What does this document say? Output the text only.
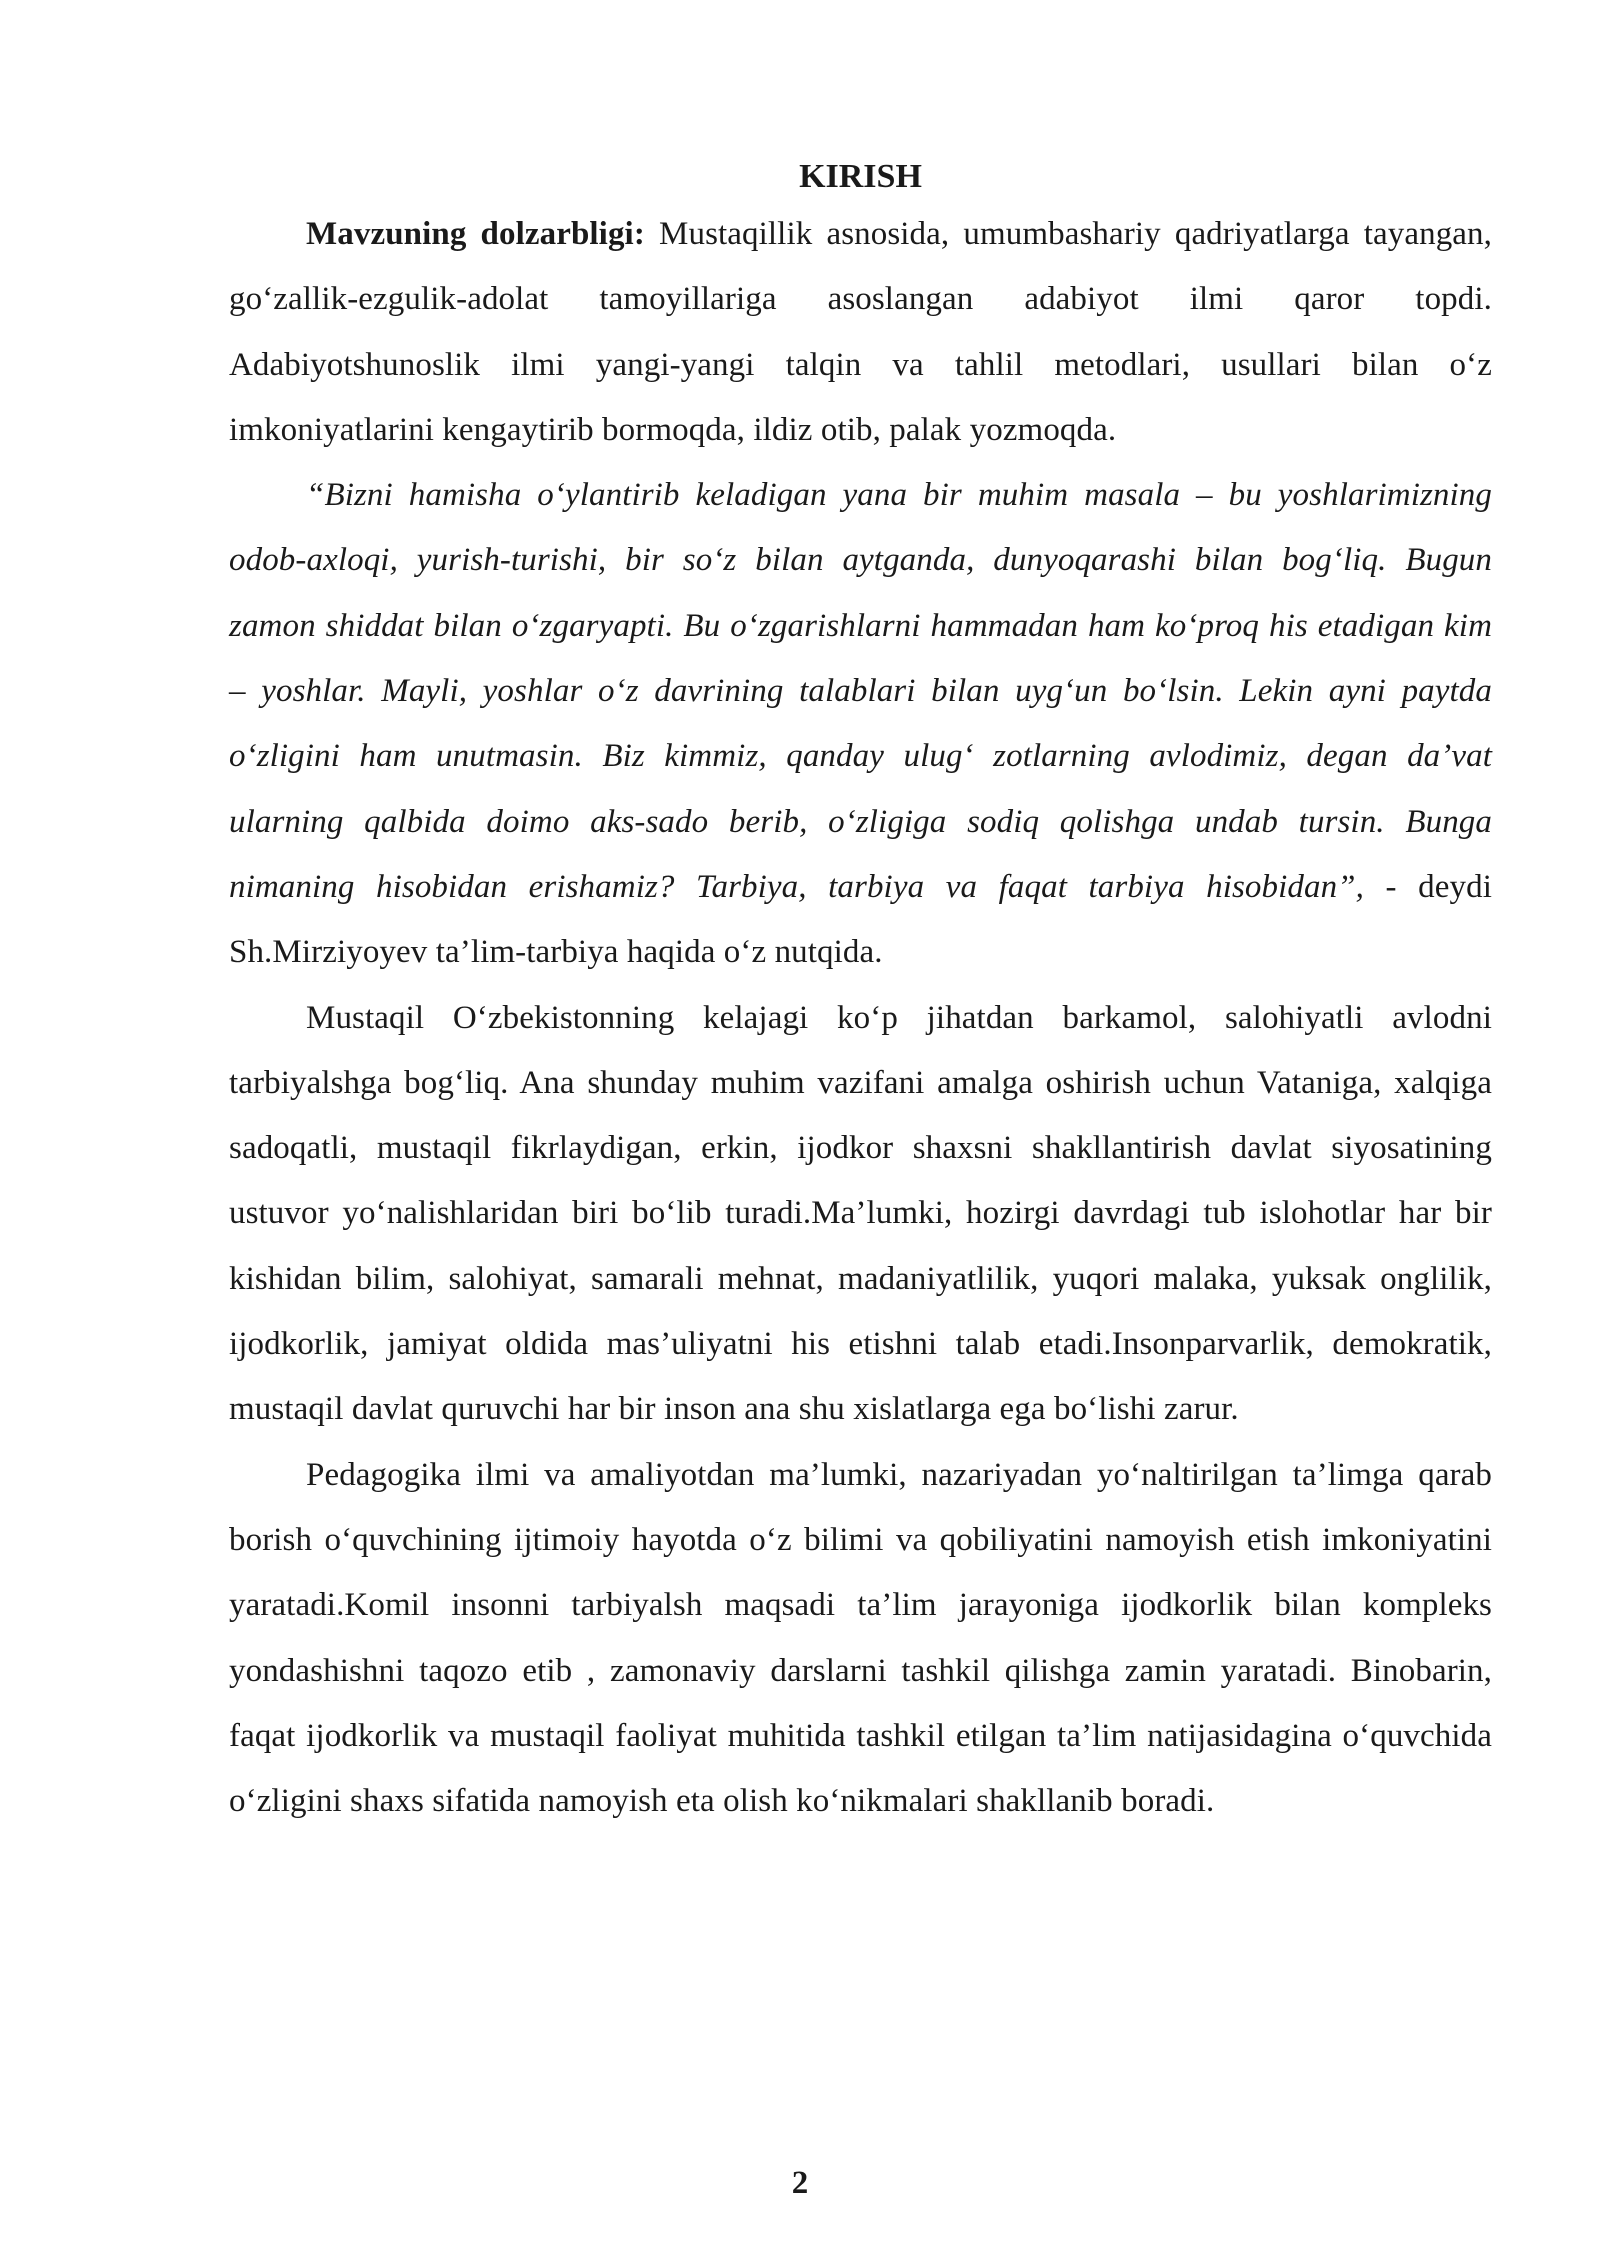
KIRISH

Mavzuning dolzarbligi: Mustaqillik asnosida, umumbashariy qadriyatlarga tayangan, go‘zallik-ezgulik-adolat tamoyillariga asoslangan adabiyot ilmi qaror topdi. Adabiyotshunoslik ilmi yangi-yangi talqin va tahlil metodlari, usullari bilan o‘z imkoniyatlarini kengaytirib bormoqda, ildiz otib, palak yozmoqda.

“Bizni hamisha o‘ylantirib keladigan yana bir muhim masala – bu yoshlarimizning odob-axloqi, yurish-turishi, bir so‘z bilan aytganda, dunyoqarashi bilan bog‘liq. Bugun zamon shiddat bilan o‘zgaryapti. Bu o‘zgarishlarni hammadan ham ko‘proq his etadigan kim – yoshlar. Mayli, yoshlar o‘z davrining talablari bilan uyg‘un bo‘lsin. Lekin ayni paytda o‘zligini ham unutmasin. Biz kimmiz, qanday ulug‘ zotlarning avlodimiz, degan da’vat ularning qalbida doimo aks-sado berib, o‘zligiga sodiq qolishga undab tursin. Bunga nimaning hisobidan erishamiz? Tarbiya, tarbiya va faqat tarbiya hisobidan”, - deydi Sh.Mirziyoyev ta’lim-tarbiya haqida o‘z nutqida.

Mustaqil O‘zbekistonning kelajagi ko‘p jihatdan barkamol, salohiyatli avlodni tarbiyalshga bog‘liq. Ana shunday muhim vazifani amalga oshirish uchun Vataniga, xalqiga sadoqatli, mustaqil fikrlaydigan, erkin, ijodkor shaxsni shakllantirish davlat siyosatining ustuvor yo‘nalishlaridan biri bo‘lib turadi.Ma’lumki, hozirgi davrdagi tub islohotlar har bir kishidan bilim, salohiyat, samarali mehnat, madaniyatlilik, yuqori malaka, yuksak onglilik, ijodkorlik, jamiyat oldida mas’uliyatni his etishni talab etadi.Insonparvarlik, demokratik, mustaqil davlat quruvchi har bir inson ana shu xislatlarga ega bo‘lishi zarur.

Pedagogika ilmi va amaliyotdan ma’lumki, nazariyadan yo‘naltirilgan ta’limga qarab borish o‘quvchining ijtimoiy hayotda o‘z bilimi va qobiliyatini namoyish etish imkoniyatini yaratadi.Komil insonni tarbiyalsh maqsadi ta’lim jarayoniga ijodkorlik bilan kompleks yondashishni taqozo etib , zamonaviy darslarni tashkil qilishga zamin yaratadi. Binobarin, faqat ijodkorlik va mustaqil faoliyat muhitida tashkil etilgan ta’lim natijasidagina o‘quvchida o‘zligini shaxs sifatida namoyish eta olish ko‘nikmalari shakllanib boradi.

2
